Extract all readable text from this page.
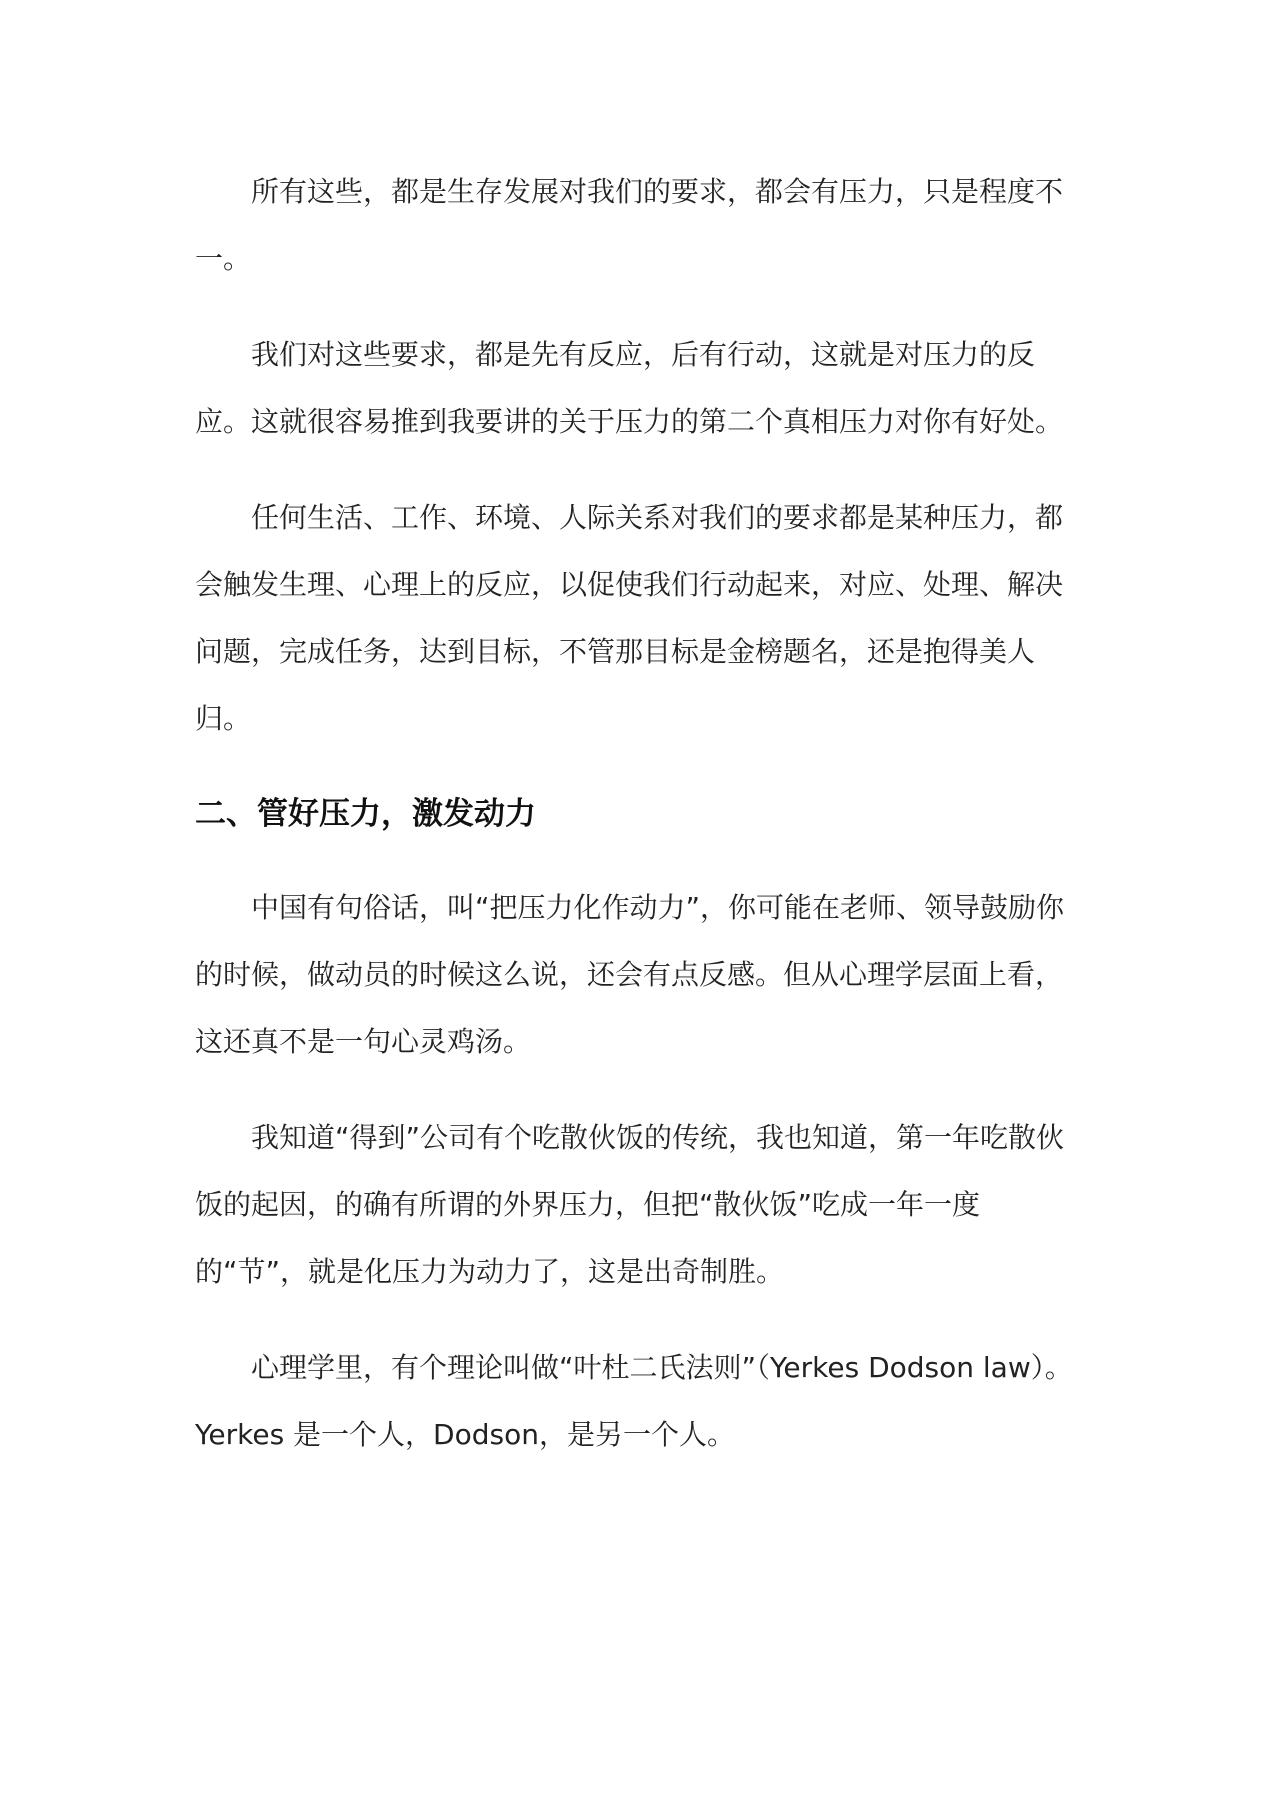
所有这些，都是生存发展对我们的要求，都会有压力，只是程度不一。

我们对这些要求，都是先有反应，后有行动，这就是对压力的反应。这就很容易推到我要讲的关于压力的第二个真相压力对你有好处。

任何生活、工作、环境、人际关系对我们的要求都是某种压力，都会触发生理、心理上的反应，以促使我们行动起来，对应、处理、解决问题，完成任务，达到目标，不管那目标是金榜题名，还是抱得美人归。

二、管好压力，激发动力

中国有句俗话，叫“把压力化作动力”，你可能在老师、领导鼓励你的时候，做动员的时候这么说，还会有点反感。但从心理学层面上看，这还真不是一句心灵鸡汤。

我知道“得到”公司有个吃散伙饭的传统，我也知道，第一年吃散伙饭的起因，的确有所谓的外界压力，但把“散伙饭”吃成一年一度的“节”，就是化压力为动力了，这是出奇制胜。

心理学里，有个理论叫做“叶杜二氏法则”（Yerkes Dodson law）。Yerkes 是一个人，Dodson，是另一个人。
